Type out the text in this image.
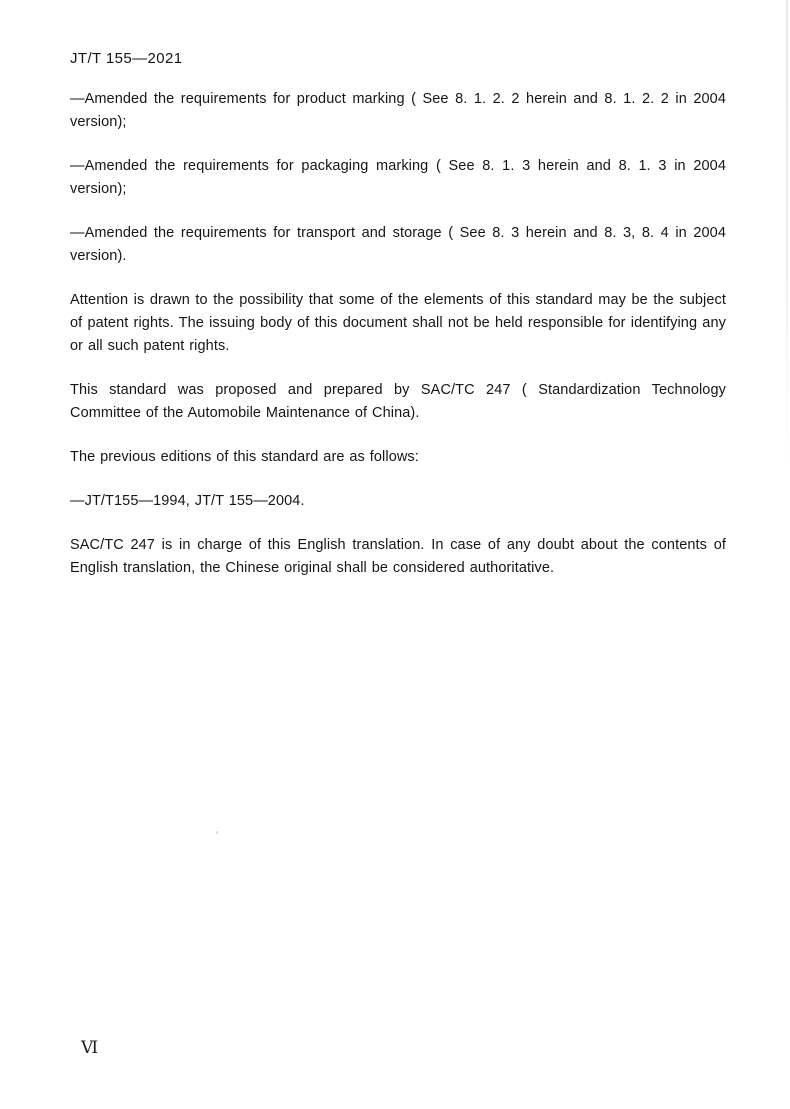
JT/T 155—2021

—Amended the requirements for product marking ( See 8. 1. 2. 2 herein and 8. 1. 2. 2 in 2004 version);

—Amended the requirements for packaging marking ( See 8. 1. 3 herein and 8. 1. 3 in 2004 version);

—Amended the requirements for transport and storage ( See 8. 3 herein and 8. 3, 8. 4 in 2004 version).

Attention is drawn to the possibility that some of the elements of this standard may be the subject of patent rights. The issuing body of this document shall not be held responsible for identifying any or all such patent rights.

This standard was proposed and prepared by SAC/TC 247 ( Standardization Technology Committee of the Automobile Maintenance of China).

The previous editions of this standard are as follows:

—JT/T155—1994, JT/T 155—2004.

SAC/TC 247 is in charge of this English translation. In case of any doubt about the contents of English translation, the Chinese original shall be considered authoritative.

Ⅵ
